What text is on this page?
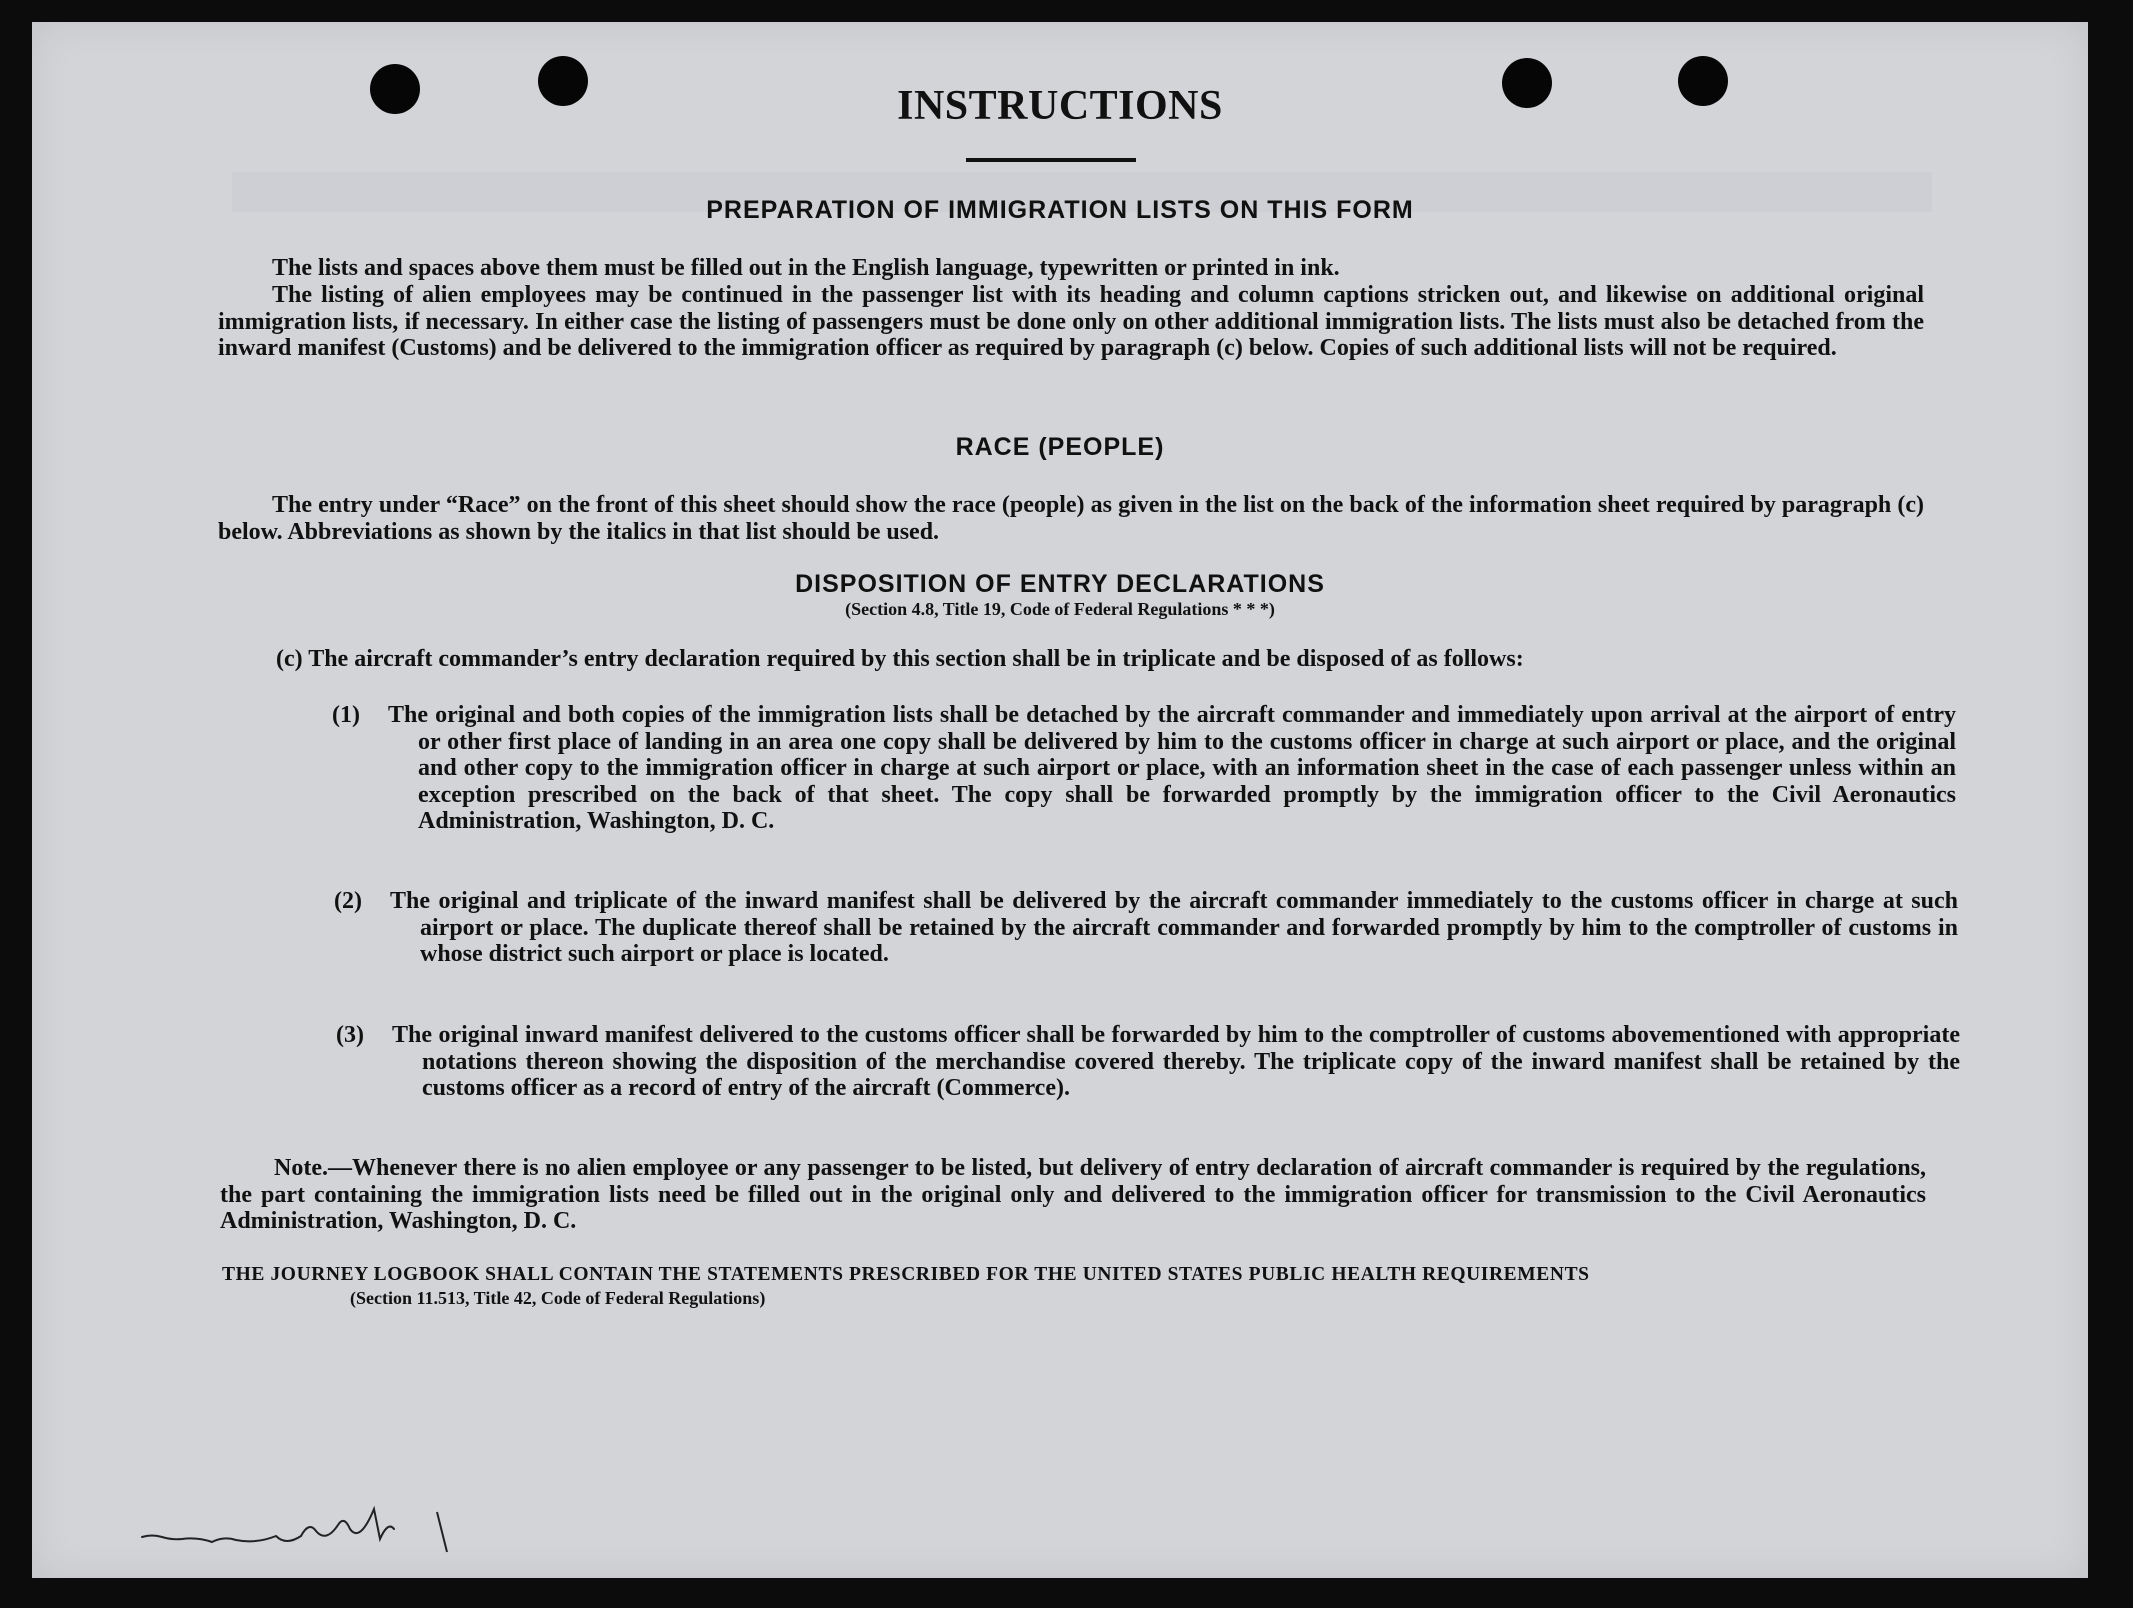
INSTRUCTIONS
PREPARATION OF IMMIGRATION LISTS ON THIS FORM
The lists and spaces above them must be filled out in the English language, typewritten or printed in ink.
The listing of alien employees may be continued in the passenger list with its heading and column captions stricken out, and likewise on additional original immigration lists, if necessary. In either case the listing of passengers must be done only on other additional immigration lists. The lists must also be detached from the inward manifest (Customs) and be delivered to the immigration officer as required by paragraph (c) below. Copies of such additional lists will not be required.
RACE (PEOPLE)
The entry under “Race” on the front of this sheet should show the race (people) as given in the list on the back of the information sheet required by paragraph (c) below. Abbreviations as shown by the italics in that list should be used.
DISPOSITION OF ENTRY DECLARATIONS
(Section 4.8, Title 19, Code of Federal Regulations * * *)
(c) The aircraft commander’s entry declaration required by this section shall be in triplicate and be disposed of as follows:
(1) The original and both copies of the immigration lists shall be detached by the aircraft commander and immediately upon arrival at the airport of entry or other first place of landing in an area one copy shall be delivered by him to the customs officer in charge at such airport or place, and the original and other copy to the immigration officer in charge at such airport or place, with an information sheet in the case of each passenger unless within an exception prescribed on the back of that sheet. The copy shall be forwarded promptly by the immigration officer to the Civil Aeronautics Administration, Washington, D. C.
(2) The original and triplicate of the inward manifest shall be delivered by the aircraft commander immediately to the customs officer in charge at such airport or place. The duplicate thereof shall be retained by the aircraft commander and forwarded promptly by him to the comptroller of customs in whose district such airport or place is located.
(3) The original inward manifest delivered to the customs officer shall be forwarded by him to the comptroller of customs abovementioned with appropriate notations thereon showing the disposition of the merchandise covered thereby. The triplicate copy of the inward manifest shall be retained by the customs officer as a record of entry of the aircraft (Commerce).
Note.—Whenever there is no alien employee or any passenger to be listed, but delivery of entry declaration of aircraft commander is required by the regulations, the part containing the immigration lists need be filled out in the original only and delivered to the immigration officer for transmission to the Civil Aeronautics Administration, Washington, D. C.
THE JOURNEY LOGBOOK SHALL CONTAIN THE STATEMENTS PRESCRIBED FOR THE UNITED STATES PUBLIC HEALTH REQUIREMENTS
(Section 11.513, Title 42, Code of Federal Regulations)
